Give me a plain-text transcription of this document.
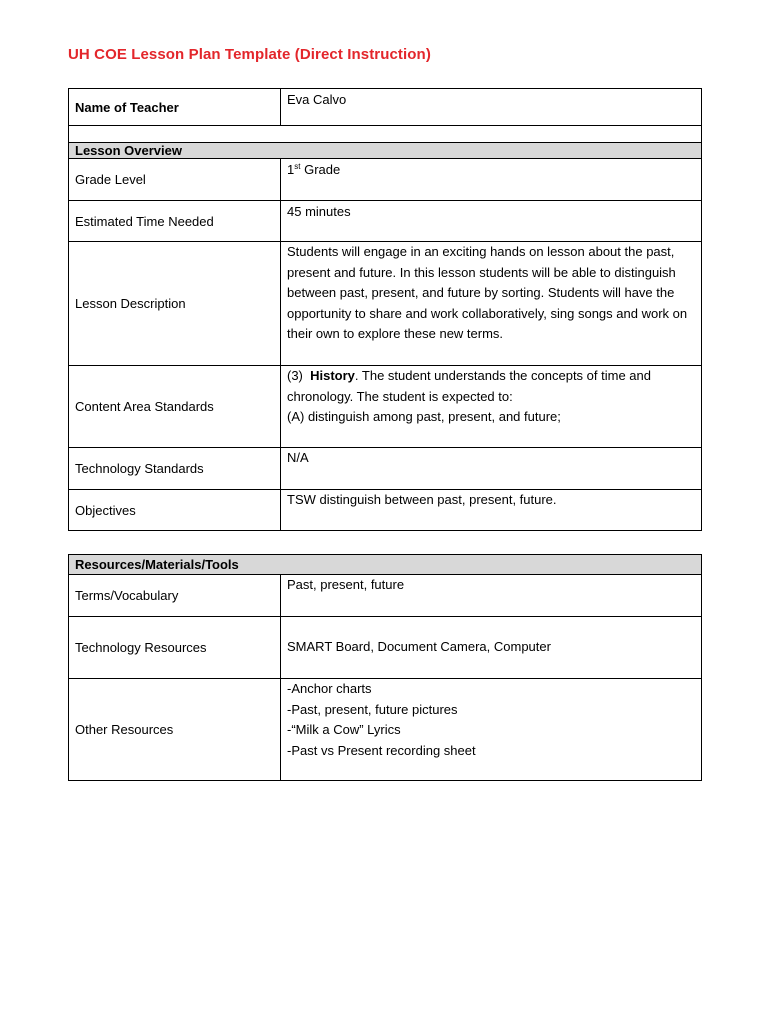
UH COE Lesson Plan Template (Direct Instruction)
Name of Teacher	Eva Calvo

Lesson Overview	
Grade Level	1st Grade
Estimated Time Needed	45 minutes
Lesson Description	Students will engage in an exciting hands on lesson about the past, present and future. In this lesson students will be able to distinguish between past, present, and future by sorting. Students will have the opportunity to share and work collaboratively, sing songs and work on their own to explore these new terms.
Content Area Standards	(3)  History. The student understands the concepts of time and chronology. The student is expected to:
(A) distinguish among past, present, and future;

Technology Standards	N/A
Objectives	TSW distinguish between past, present, future.
Resources/Materials/Tools	
Terms/Vocabulary	Past, present, future
Technology Resources	SMART Board, Document Camera, Computer
Other Resources	-Anchor charts
-Past, present, future pictures
-“Milk a Cow” Lyrics
-Past vs Present recording sheet
